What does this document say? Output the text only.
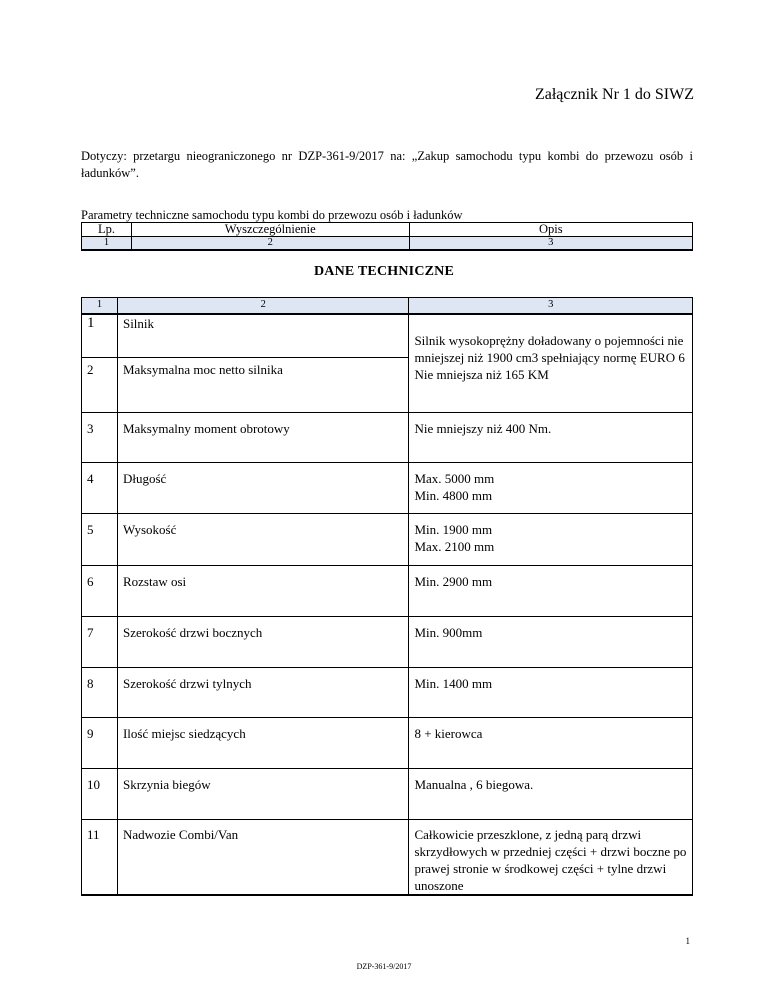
Załącznik Nr 1 do SIWZ
Dotyczy: przetargu nieograniczonego nr DZP-361-9/2017 na: „Zakup samochodu typu kombi do przewozu osób i ładunków”.
Parametry techniczne samochodu typu kombi do przewozu osób i ładunków
Lp.	Wyszczególnienie	Opis
1	2	3
DANE TECHNICZNE
1	2	3
1	Silnik	Silnik wysokoprężny doładowany o pojemności nie mniejszej niż 1900 cm3 spełniający normę EURO 6
Nie mniejsza niż 165 KM

2	Maksymalna moc netto silnika	
3	Maksymalny moment obrotowy	Nie mniejszy niż 400 Nm.
4	Długość	Max. 5000 mm
Min. 4800 mm
5	Wysokość	Min. 1900 mm
Max. 2100 mm
6	Rozstaw osi	Min. 2900 mm
7	Szerokość drzwi bocznych	Min. 900mm
8	Szerokość drzwi tylnych	Min. 1400 mm
9	Ilość miejsc siedzących	8 + kierowca
10	Skrzynia biegów	Manualna , 6 biegowa.
11	Nadwozie Combi/Van	Całkowicie przeszklone, z jedną parą drzwi skrzydłowych w przedniej części + drzwi boczne po prawej stronie w środkowej części + tylne drzwi unoszone
1
DZP-361-9/2017
